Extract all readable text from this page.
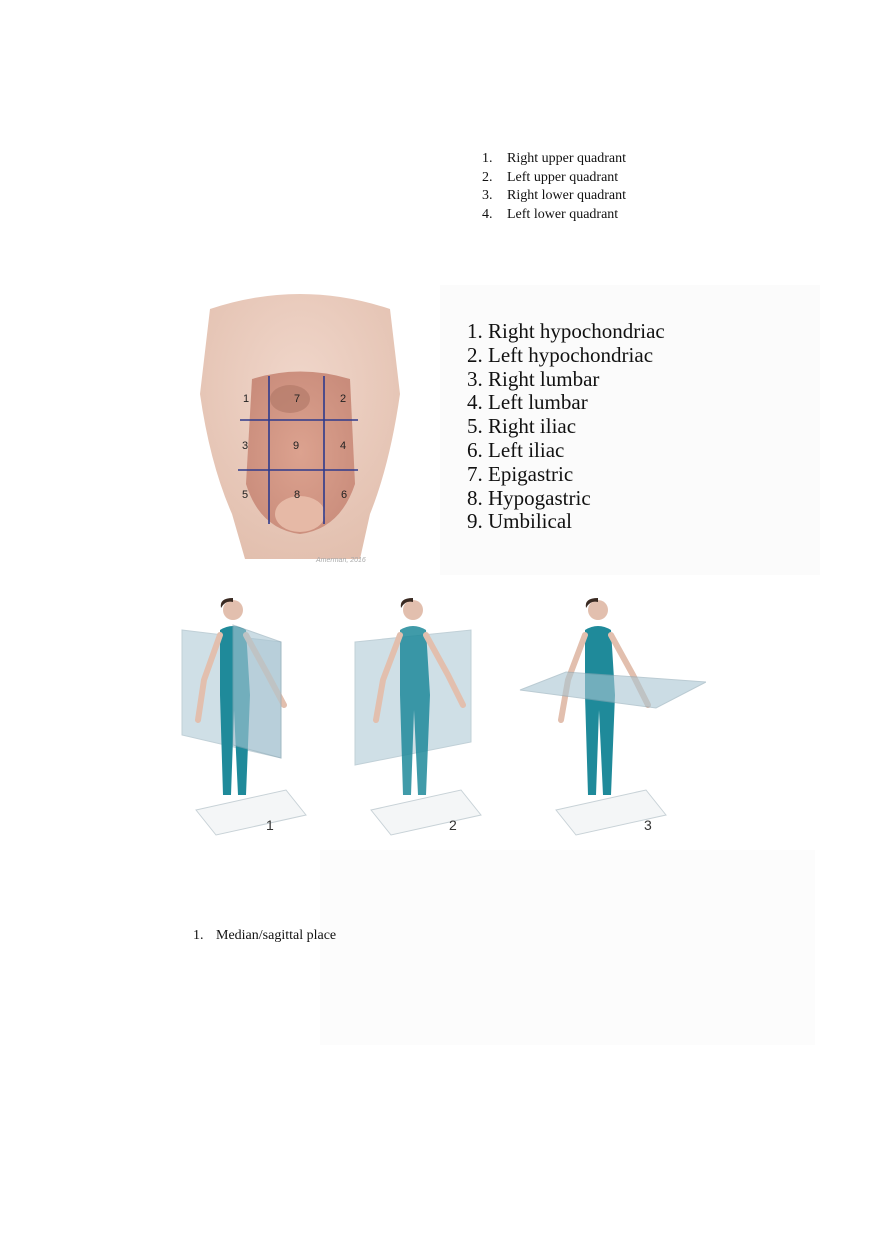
1.	Right upper quadrant
2.	Left upper quadrant
3.	Right lower quadrant
4.	Left lower quadrant
1	7	2
3	9	4
5	8	6
Amerman, 2016
1. Right hypochondriac
2. Left hypochondriac
3. Right lumbar
4. Left lumbar
5. Right iliac
6. Left iliac
7. Epigastric
8. Hypogastric
9. Umbilical
1	2	3
1. Median/sagittal place
